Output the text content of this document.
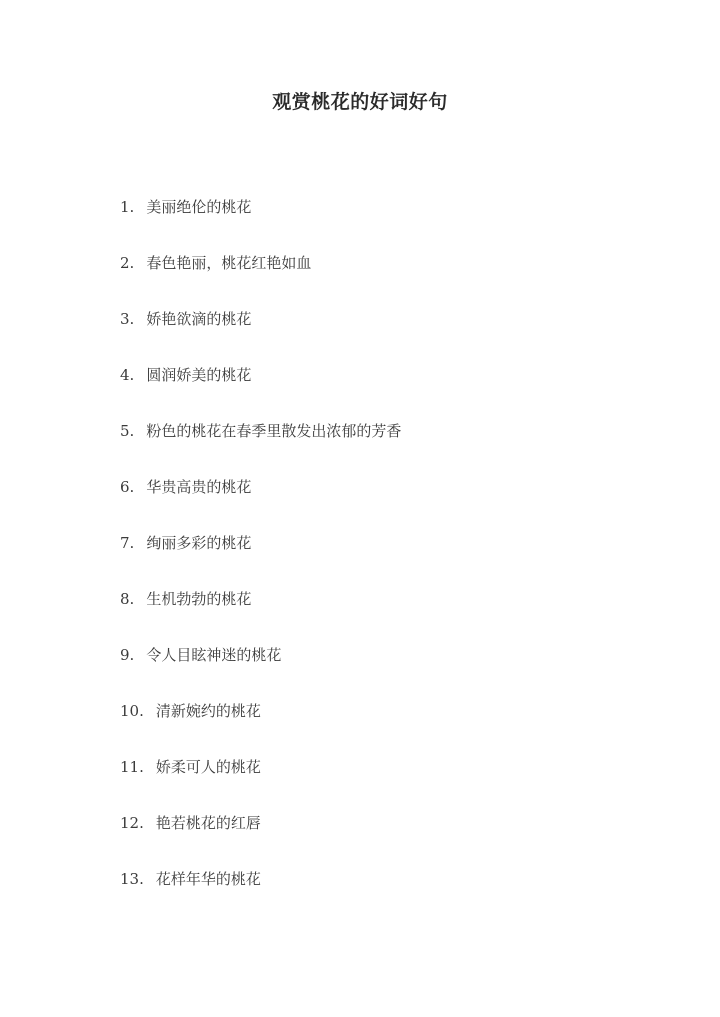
观赏桃花的好词好句
1. 美丽绝伦的桃花
2. 春色艳丽，桃花红艳如血
3. 娇艳欲滴的桃花
4. 圆润娇美的桃花
5. 粉色的桃花在春季里散发出浓郁的芳香
6. 华贵高贵的桃花
7. 绚丽多彩的桃花
8. 生机勃勃的桃花
9. 令人目眩神迷的桃花
10. 清新婉约的桃花
11. 娇柔可人的桃花
12. 艳若桃花的红唇
13. 花样年华的桃花
